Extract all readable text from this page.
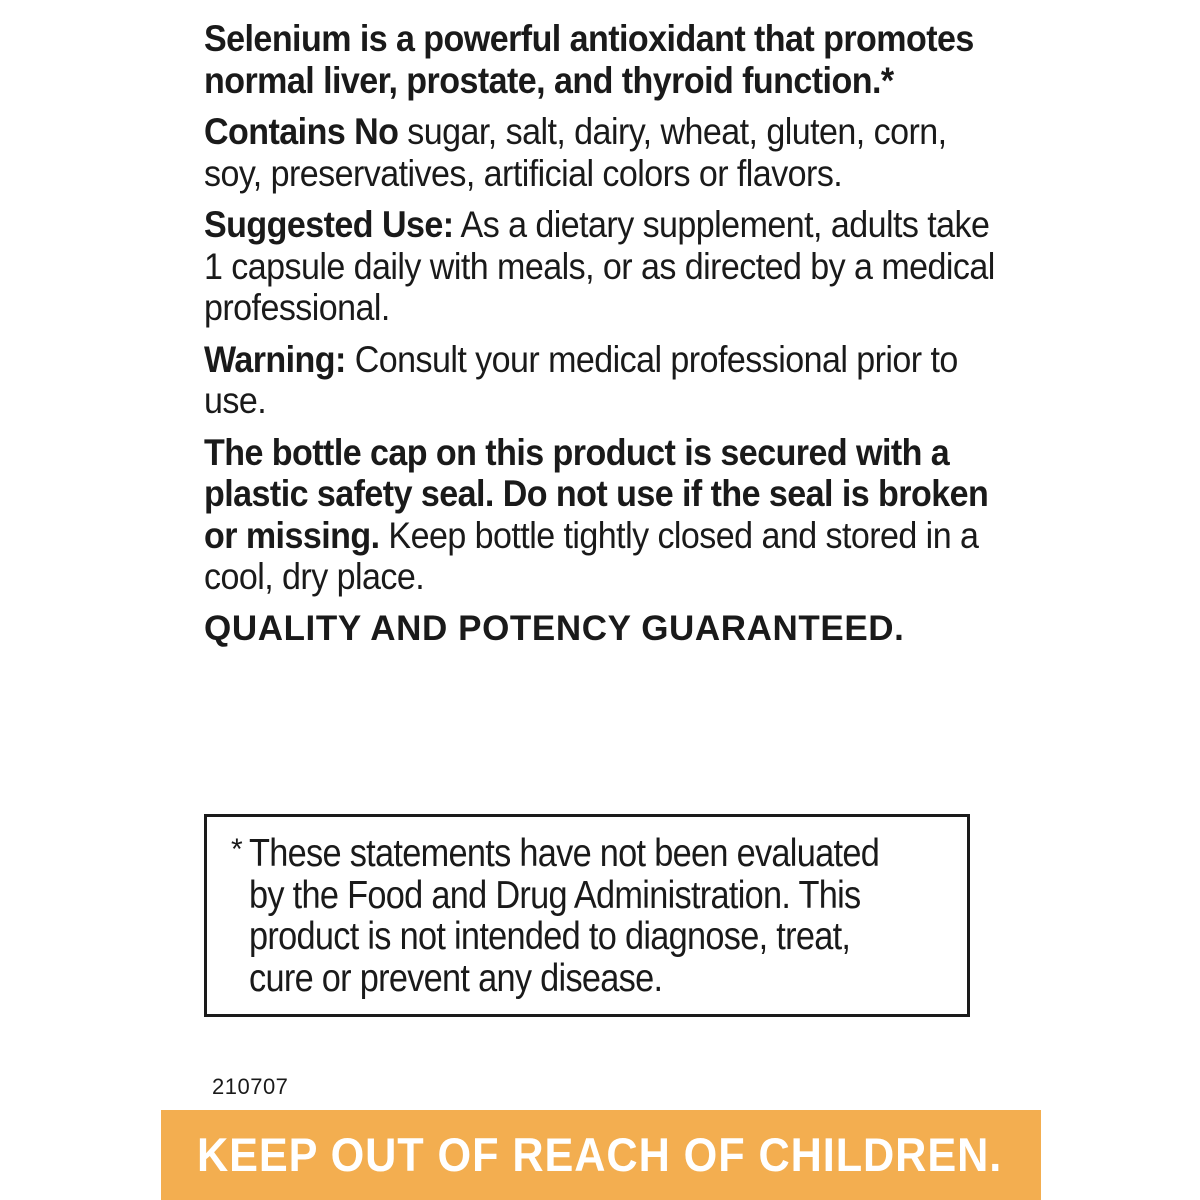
Selenium is a powerful antioxidant that promotes normal liver, prostate, and thyroid function.*

Contains No sugar, salt, dairy, wheat, gluten, corn, soy, preservatives, artificial colors or flavors.

Suggested Use: As a dietary supplement, adults take 1 capsule daily with meals, or as directed by a medical professional.

Warning: Consult your medical professional prior to use.

The bottle cap on this product is secured with a plastic safety seal. Do not use if the seal is broken or missing. Keep bottle tightly closed and stored in a cool, dry place.

QUALITY AND POTENCY GUARANTEED.

* These statements have not been evaluated by the Food and Drug Administration. This product is not intended to diagnose, treat, cure or prevent any disease.
210707
KEEP OUT OF REACH OF CHILDREN.
